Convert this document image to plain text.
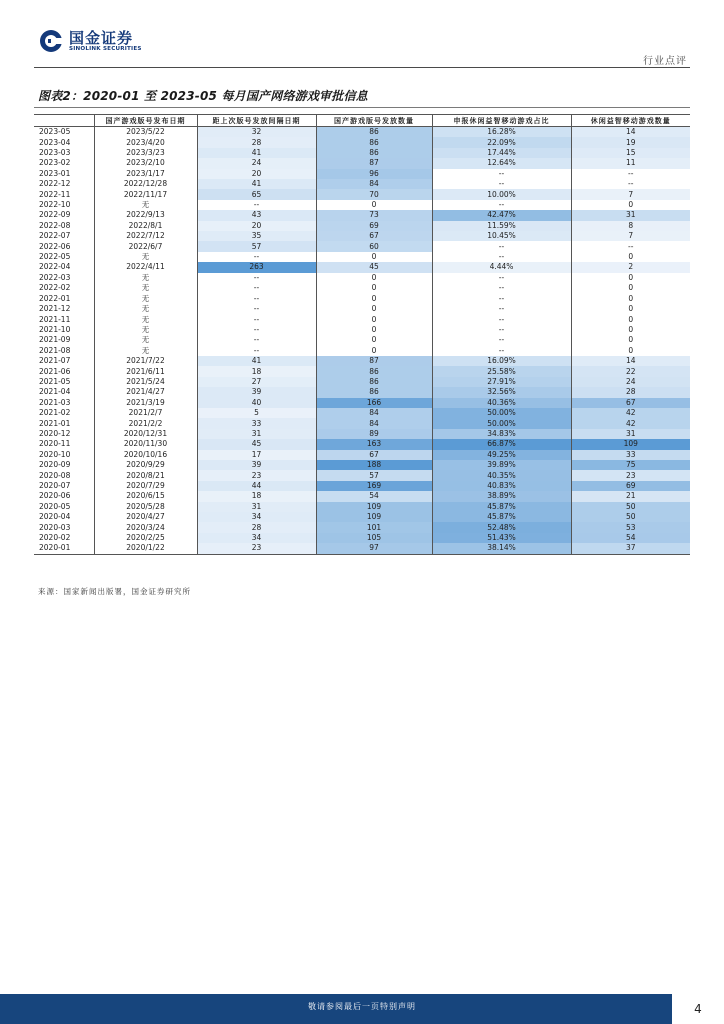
国金证券
SINOLINK SECURITIES
行业点评
图表2：2020-01 至 2023-05 每月国产网络游戏审批信息
	国产游戏版号发布日期	距上次版号发放间隔日期	国产游戏版号发放数量	申报休闲益智移动游戏占比	休闲益智移动游戏数量
2023-05	2023/5/22	32	86	16.28%	14
2023-04	2023/4/20	28	86	22.09%	19
2023-03	2023/3/23	41	86	17.44%	15
2023-02	2023/2/10	24	87	12.64%	11
2023-01	2023/1/17	20	96	--	--
2022-12	2022/12/28	41	84	--	--
2022-11	2022/11/17	65	70	10.00%	7
2022-10	无	--	0	--	0
2022-09	2022/9/13	43	73	42.47%	31
2022-08	2022/8/1	20	69	11.59%	8
2022-07	2022/7/12	35	67	10.45%	7
2022-06	2022/6/7	57	60	--	--
2022-05	无	--	0	--	0
2022-04	2022/4/11	263	45	4.44%	2
2022-03	无	--	0	--	0
2022-02	无	--	0	--	0
2022-01	无	--	0	--	0
2021-12	无	--	0	--	0
2021-11	无	--	0	--	0
2021-10	无	--	0	--	0
2021-09	无	--	0	--	0
2021-08	无	--	0	--	0
2021-07	2021/7/22	41	87	16.09%	14
2021-06	2021/6/11	18	86	25.58%	22
2021-05	2021/5/24	27	86	27.91%	24
2021-04	2021/4/27	39	86	32.56%	28
2021-03	2021/3/19	40	166	40.36%	67
2021-02	2021/2/7	5	84	50.00%	42
2021-01	2021/2/2	33	84	50.00%	42
2020-12	2020/12/31	31	89	34.83%	31
2020-11	2020/11/30	45	163	66.87%	109
2020-10	2020/10/16	17	67	49.25%	33
2020-09	2020/9/29	39	188	39.89%	75
2020-08	2020/8/21	23	57	40.35%	23
2020-07	2020/7/29	44	169	40.83%	69
2020-06	2020/6/15	18	54	38.89%	21
2020-05	2020/5/28	31	109	45.87%	50
2020-04	2020/4/27	34	109	45.87%	50
2020-03	2020/3/24	28	101	52.48%	53
2020-02	2020/2/25	34	105	51.43%	54
2020-01	2020/1/22	23	97	38.14%	37
来源：国家新闻出版署，国金证券研究所
敬请参阅最后一页特别声明	4
